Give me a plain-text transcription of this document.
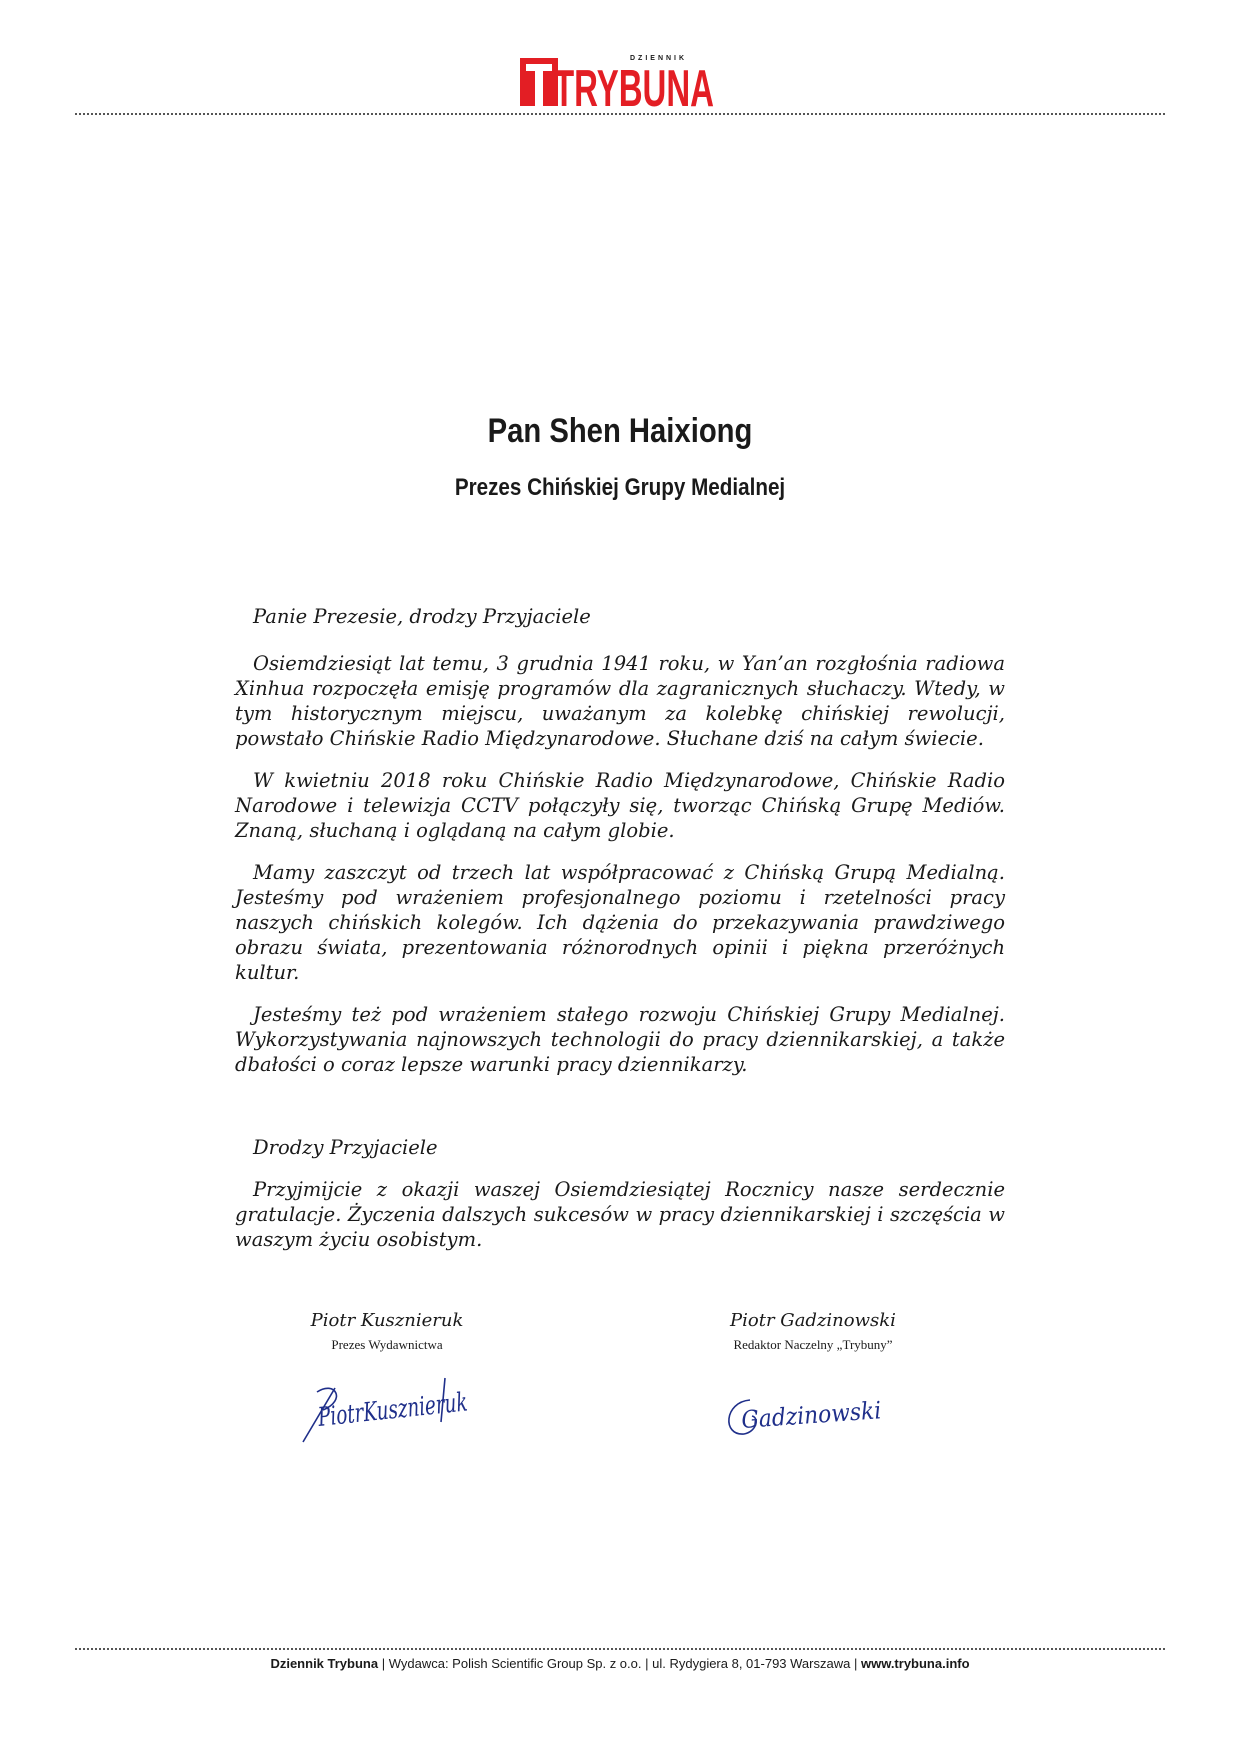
TRYBUNA
DZIENNIK
Pan Shen Haixiong
Prezes Chińskiej Grupy Medialnej

Panie Prezesie, drodzy Przyjaciele

Osiemdziesiąt lat temu, 3 grudnia 1941 roku, w Yan’an rozgłośnia radiowa Xinhua rozpoczęła emisję programów dla zagranicznych słuchaczy. Wtedy, w tym historycznym miejscu, uważanym za kolebkę chińskiej rewolucji, powstało Chińskie Radio Międzynarodowe. Słuchane dziś na całym świecie.

W kwietniu 2018 roku Chińskie Radio Międzynarodowe, Chińskie Radio Narodowe i telewizja CCTV połączyły się, tworząc Chińską Grupę Mediów. Znaną, słuchaną i oglądaną na całym globie.

Mamy zaszczyt od trzech lat współpracować z Chińską Grupą Medialną. Jesteśmy pod wrażeniem profesjonalnego poziomu i rzetelności pracy naszych chińskich kolegów. Ich dążenia do przekazywania prawdziwego obrazu świata, prezentowania różnorodnych opinii i piękna przeróżnych kultur.

Jesteśmy też pod wrażeniem stałego rozwoju Chińskiej Grupy Medialnej. Wykorzystywania najnowszych technologii do pracy dziennikarskiej, a także dbałości o coraz lepsze warunki pracy dziennikarzy.

Drodzy Przyjaciele

Przyjmijcie z okazji waszej Osiemdziesiątej Rocznicy nasze serdecznie gratulacje. Życzenia dalszych sukcesów w pracy dziennikarskiej i szczęścia w waszym życiu osobistym.

Piotr Kusznieruk
Prezes Wydawnictwa
PiotrKusznieruk
Piotr Gadzinowski
Redaktor Naczelny „Trybuny”
Gadzinowski
Dziennik Trybuna | Wydawca: Polish Scientific Group Sp. z o.o. | ul. Rydygiera 8, 01-793 Warszawa | www.trybuna.info
